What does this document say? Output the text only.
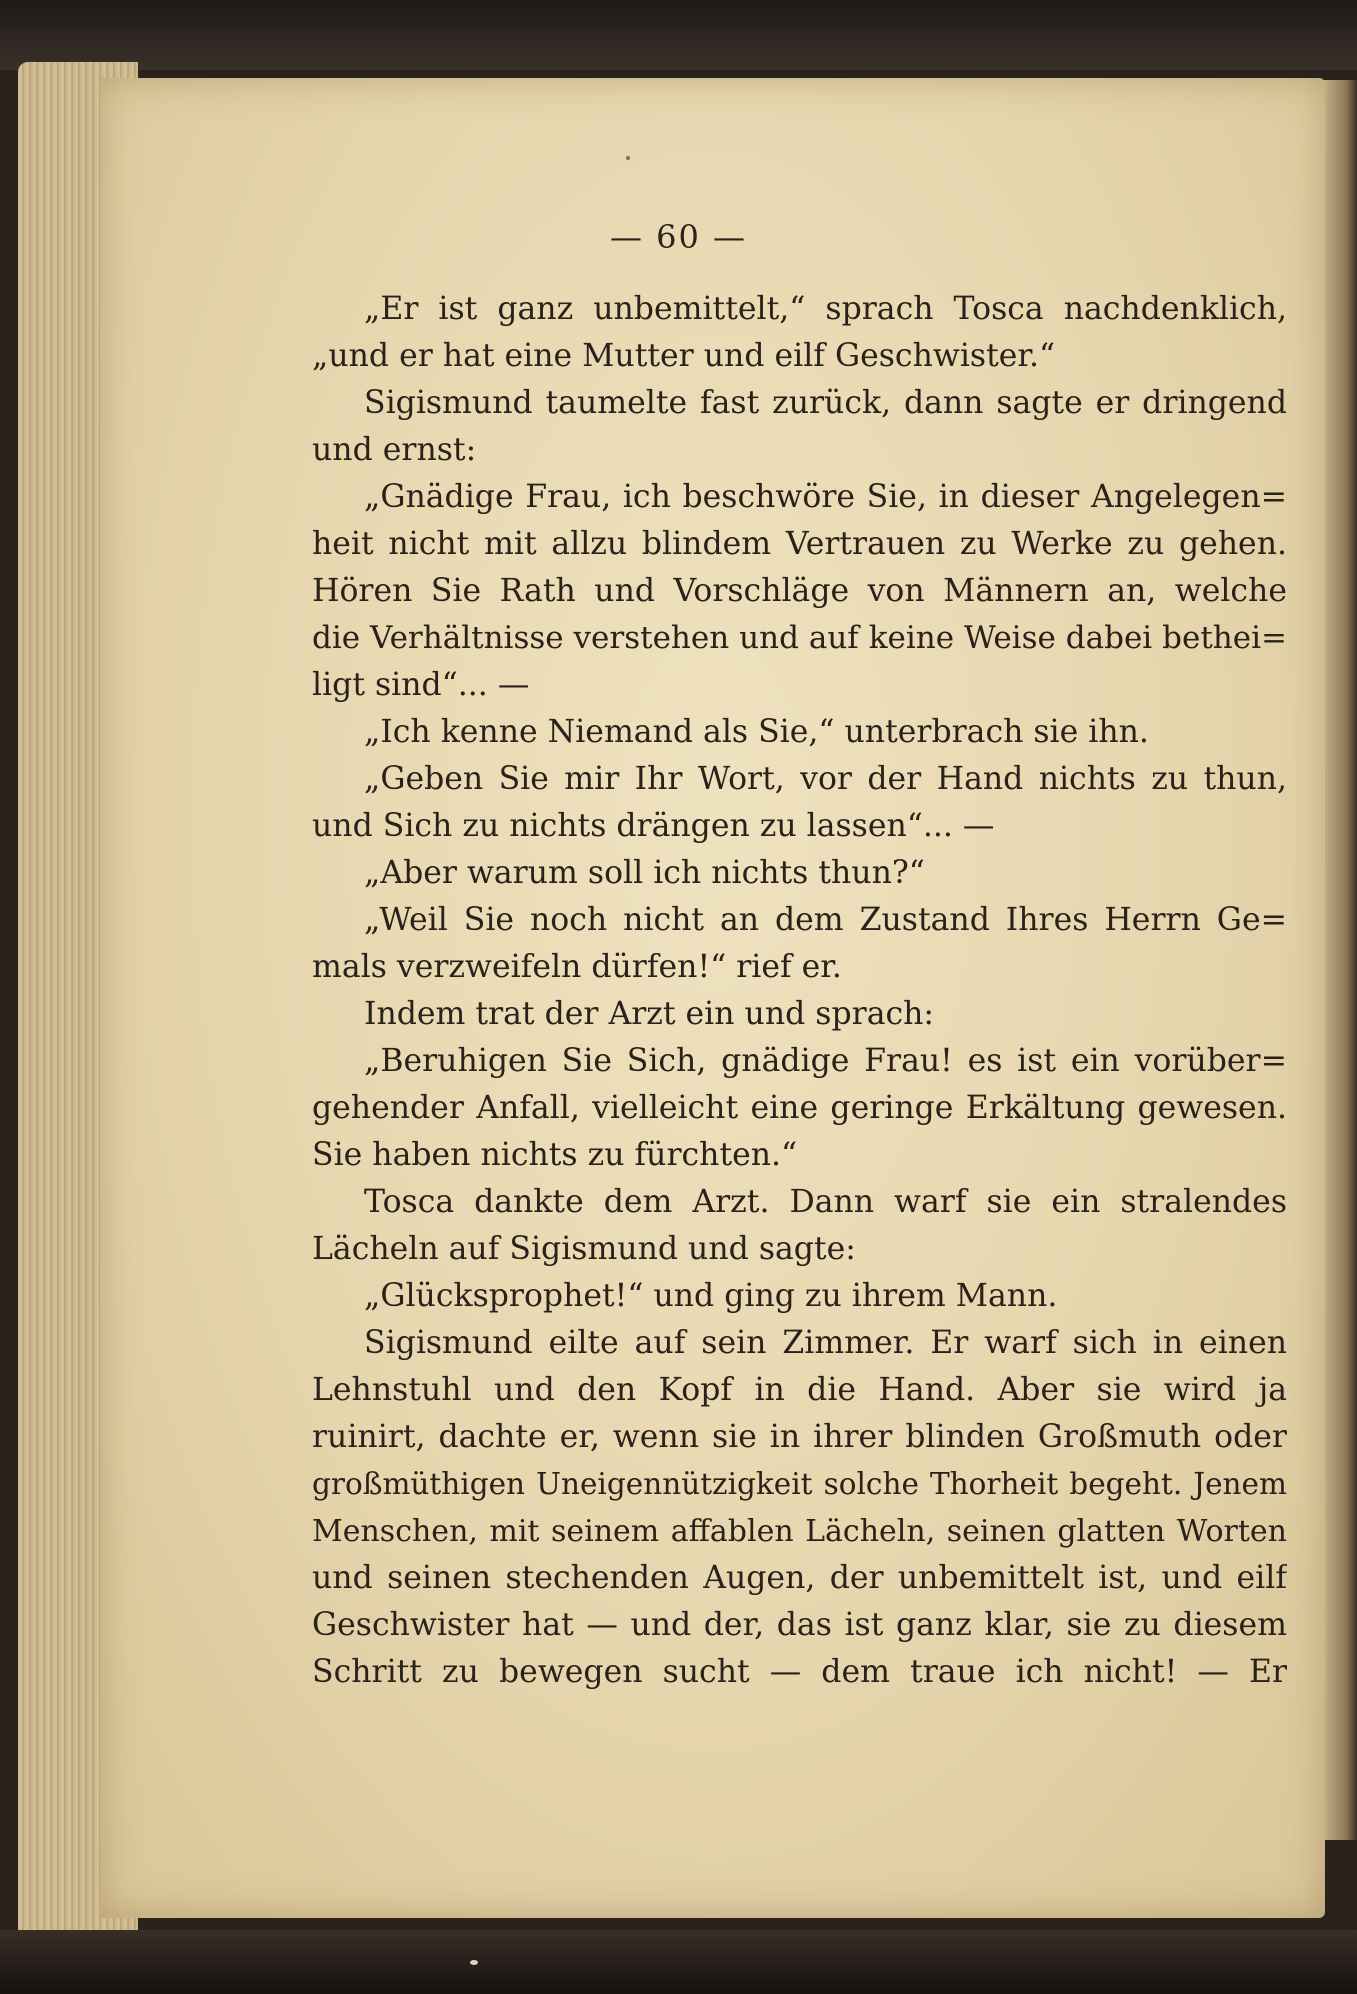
— 60 —
„Er ist ganz unbemittelt,“ sprach Tosca nachdenklich,
„und er hat eine Mutter und eilf Geschwister.“
Sigismund taumelte fast zurück, dann sagte er dringend
und ernst:
„Gnädige Frau, ich beschwöre Sie, in dieser Angelegen=
heit nicht mit allzu blindem Vertrauen zu Werke zu gehen.
Hören Sie Rath und Vorschläge von Männern an, welche
die Verhältnisse verstehen und auf keine Weise dabei bethei=
ligt sind“... —
„Ich kenne Niemand als Sie,“ unterbrach sie ihn.
„Geben Sie mir Ihr Wort, vor der Hand nichts zu thun,
und Sich zu nichts drängen zu lassen“... —
„Aber warum soll ich nichts thun?“
„Weil Sie noch nicht an dem Zustand Ihres Herrn Ge=
mals verzweifeln dürfen!“ rief er.
Indem trat der Arzt ein und sprach:
„Beruhigen Sie Sich, gnädige Frau! es ist ein vorüber=
gehender Anfall, vielleicht eine geringe Erkältung gewesen.
Sie haben nichts zu fürchten.“
Tosca dankte dem Arzt. Dann warf sie ein stralendes
Lächeln auf Sigismund und sagte:
„Glücksprophet!“ und ging zu ihrem Mann.
Sigismund eilte auf sein Zimmer. Er warf sich in einen
Lehnstuhl und den Kopf in die Hand. Aber sie wird ja
ruinirt, dachte er, wenn sie in ihrer blinden Großmuth oder
großmüthigen Uneigennützigkeit solche Thorheit begeht. Jenem
Menschen, mit seinem affablen Lächeln, seinen glatten Worten
und seinen stechenden Augen, der unbemittelt ist, und eilf
Geschwister hat — und der, das ist ganz klar, sie zu diesem
Schritt zu bewegen sucht — dem traue ich nicht! — Er
